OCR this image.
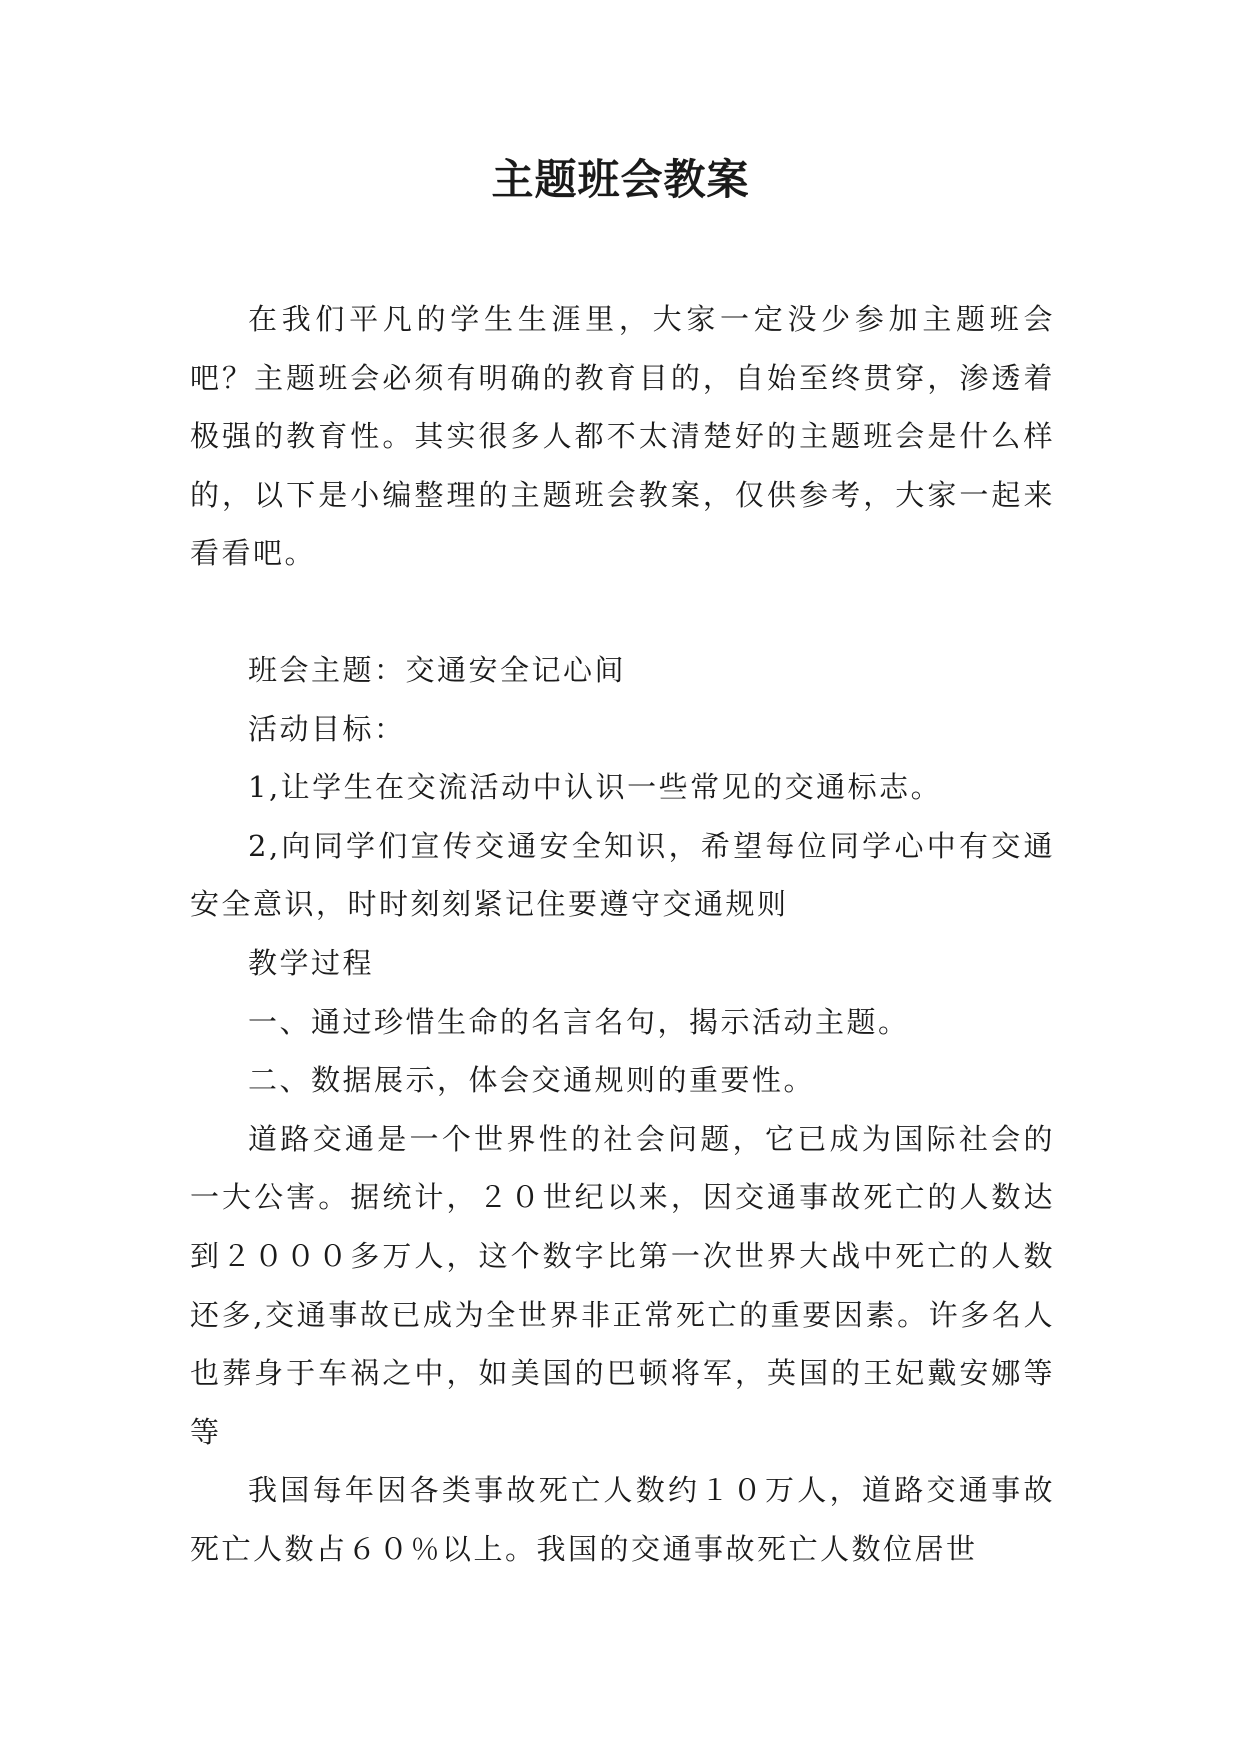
主题班会教案

在我们平凡的学生生涯里，大家一定没少参加主题班会吧？主题班会必须有明确的教育目的，自始至终贯穿，渗透着极强的教育性。其实很多人都不太清楚好的主题班会是什么样的，以下是小编整理的主题班会教案，仅供参考，大家一起来看看吧。

班会主题：交通安全记心间

活动目标：

1,让学生在交流活动中认识一些常见的交通标志。

2,向同学们宣传交通安全知识，希望每位同学心中有交通安全意识，时时刻刻紧记住要遵守交通规则

教学过程

一、通过珍惜生命的名言名句，揭示活动主题。

二、数据展示，体会交通规则的重要性。

道路交通是一个世界性的社会问题，它已成为国际社会的一大公害。据统计，２０世纪以来，因交通事故死亡的人数达到２０００多万人，这个数字比第一次世界大战中死亡的人数还多,交通事故已成为全世界非正常死亡的重要因素。许多名人也葬身于车祸之中，如美国的巴顿将军，英国的王妃戴安娜等等

我国每年因各类事故死亡人数约１０万人，道路交通事故死亡人数占６０％以上。我国的交通事故死亡人数位居世
